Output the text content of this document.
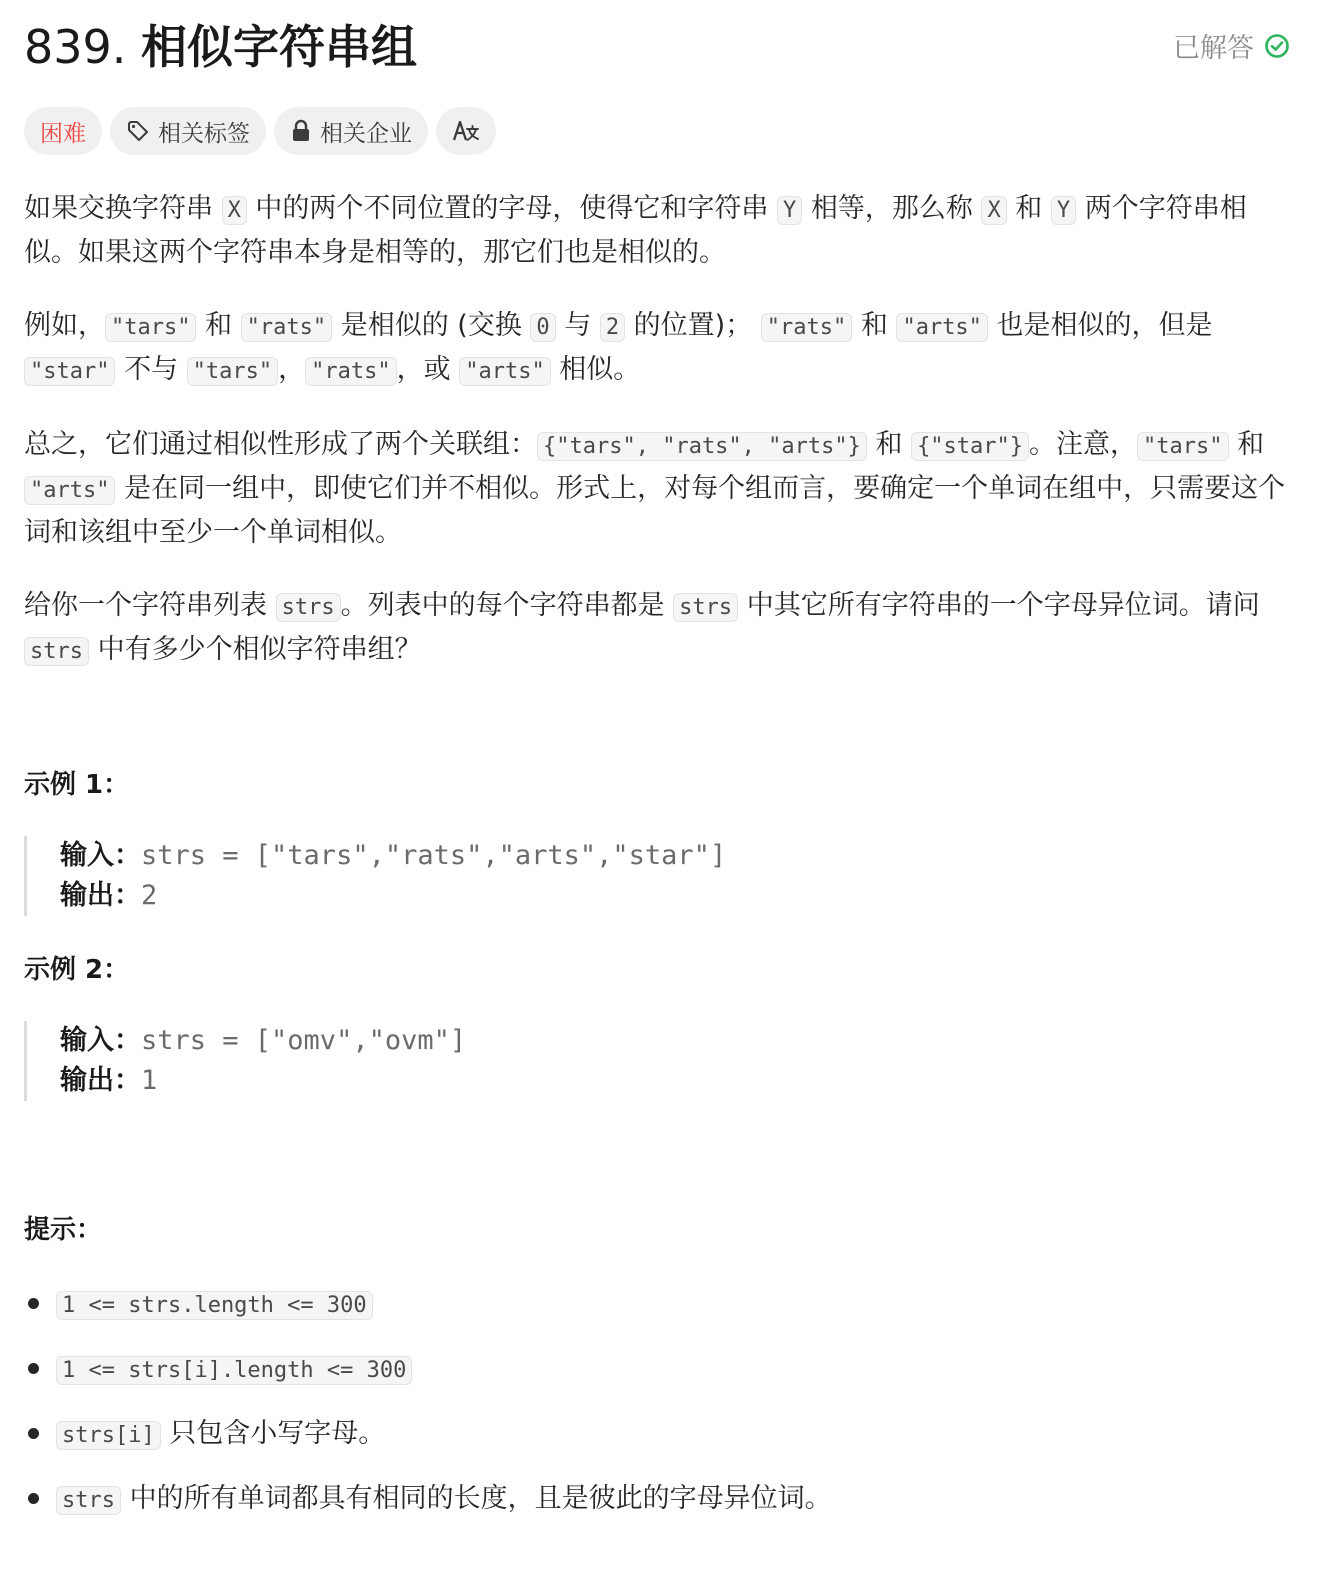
839. 相似字符串组	已解答
困难	相关标签	相关企业

如果交换字符串 X 中的两个不同位置的字母，使得它和字符串 Y 相等，那么称 X 和 Y 两个字符串相似。如果这两个字符串本身是相等的，那它们也是相似的。

例如， "tars" 和 "rats" 是相似的 (交换 0 与 2 的位置)； "rats" 和 "arts" 也是相似的，但是 "star" 不与 "tars" ， "rats" ，或 "arts" 相似。

总之，它们通过相似性形成了两个关联组： {"tars", "rats", "arts"} 和 {"star"} 。注意， "tars" 和 "arts" 是在同一组中，即使它们并不相似。形式上，对每个组而言，要确定一个单词在组中，只需要这个词和该组中至少一个单词相似。

给你一个字符串列表 strs 。列表中的每个字符串都是 strs 中其它所有字符串的一个字母异位词。请问 strs 中有多少个相似字符串组？

示例 1：
输入：strs = ["tars","rats","arts","star"]
输出：2
示例 2：
输入：strs = ["omv","ovm"]
输出：1
提示：
1 <= strs.length <= 300
1 <= strs[i].length <= 300
strs[i] 只包含小写字母。
strs 中的所有单词都具有相同的长度，且是彼此的字母异位词。
